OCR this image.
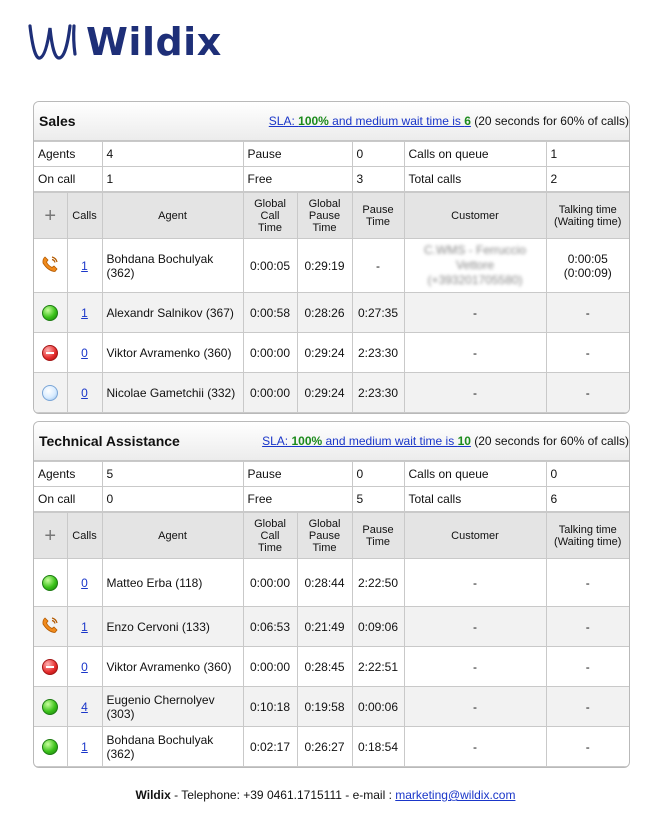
Wildix
Sales	SLA: 100% and medium wait time is 6 (20 seconds for 60% of calls)
Agents	4	Pause	0	Calls on queue	1
On call	1	Free	3	Total calls	2
+	Calls	Agent	Global Call Time	Global Pause Time	Pause Time	Customer	Talking time (Waiting time)
	1	Bohdana Bochulyak (362)	0:00:05	0:29:19	-	C.WMS - Ferruccio Vettore (+393201705580)	0:00:05 (0:00:09)
	1	Alexandr Salnikov (367)	0:00:58	0:28:26	0:27:35	-	-
	0	Viktor Avramenko (360)	0:00:00	0:29:24	2:23:30	-	-
	0	Nicolae Gametchii (332)	0:00:00	0:29:24	2:23:30	-	-
Technical Assistance	SLA: 100% and medium wait time is 10 (20 seconds for 60% of calls)
Agents	5	Pause	0	Calls on queue	0
On call	0	Free	5	Total calls	6
+	Calls	Agent	Global Call Time	Global Pause Time	Pause Time	Customer	Talking time (Waiting time)
	0	Matteo Erba (118)	0:00:00	0:28:44	2:22:50	-	-
	1	Enzo Cervoni (133)	0:06:53	0:21:49	0:09:06	-	-
	0	Viktor Avramenko (360)	0:00:00	0:28:45	2:22:51	-	-
	4	Eugenio Chernolyev (303)	0:10:18	0:19:58	0:00:06	-	-
	1	Bohdana Bochulyak (362)	0:02:17	0:26:27	0:18:54	-	-
Wildix - Telephone: +39 0461.1715111 - e-mail : marketing@wildix.com
